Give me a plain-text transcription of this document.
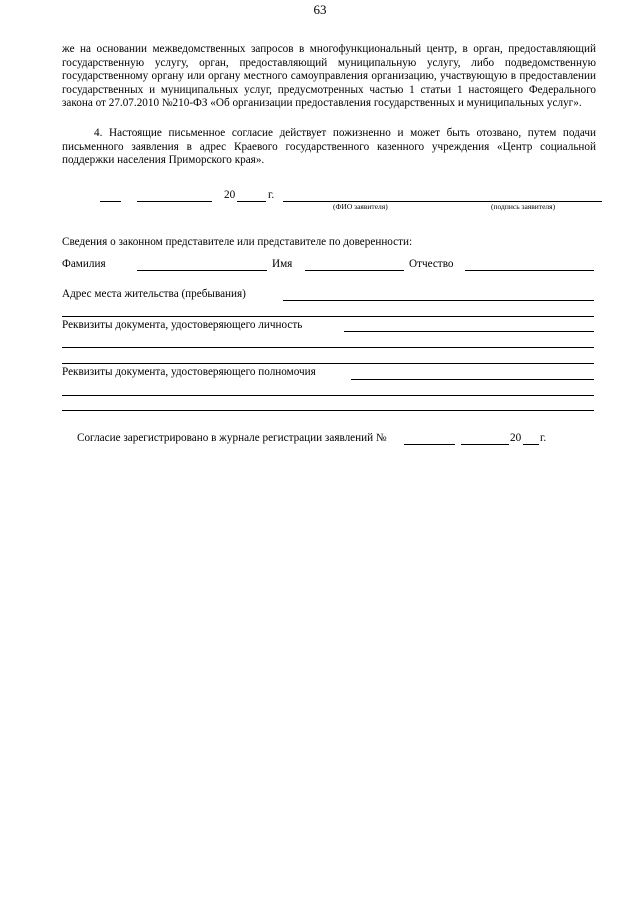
63
же на основании межведомственных запросов в многофункциональный центр, в орган, предоставляющий государственную услугу, орган, предоставляющий муниципальную услугу, либо подведомственную государственному органу или органу местного самоуправления организацию, участвующую в предоставлении государственных и муниципальных услуг, предусмотренных частью 1 статьи 1 настоящего Федерального закона от 27.07.2010 №210-ФЗ «Об организации предоставления государственных и муниципальных услуг».
4. Настоящие письменное согласие действует пожизненно и может быть отозвано, путем подачи письменного заявления в адрес Краевого государственного казенного учреждения «Центр социальной поддержки населения Приморского края».
20	г.
(ФИО заявителя)	(подпись заявителя)
Сведения о законном представителе или представителе по доверенности:
Фамилия	Имя	Отчество
Адрес места жительства (пребывания)
Реквизиты документа, удостоверяющего личность
Реквизиты документа, удостоверяющего полномочия
Согласие зарегистрировано в журнале регистрации заявлений №	20 г.
